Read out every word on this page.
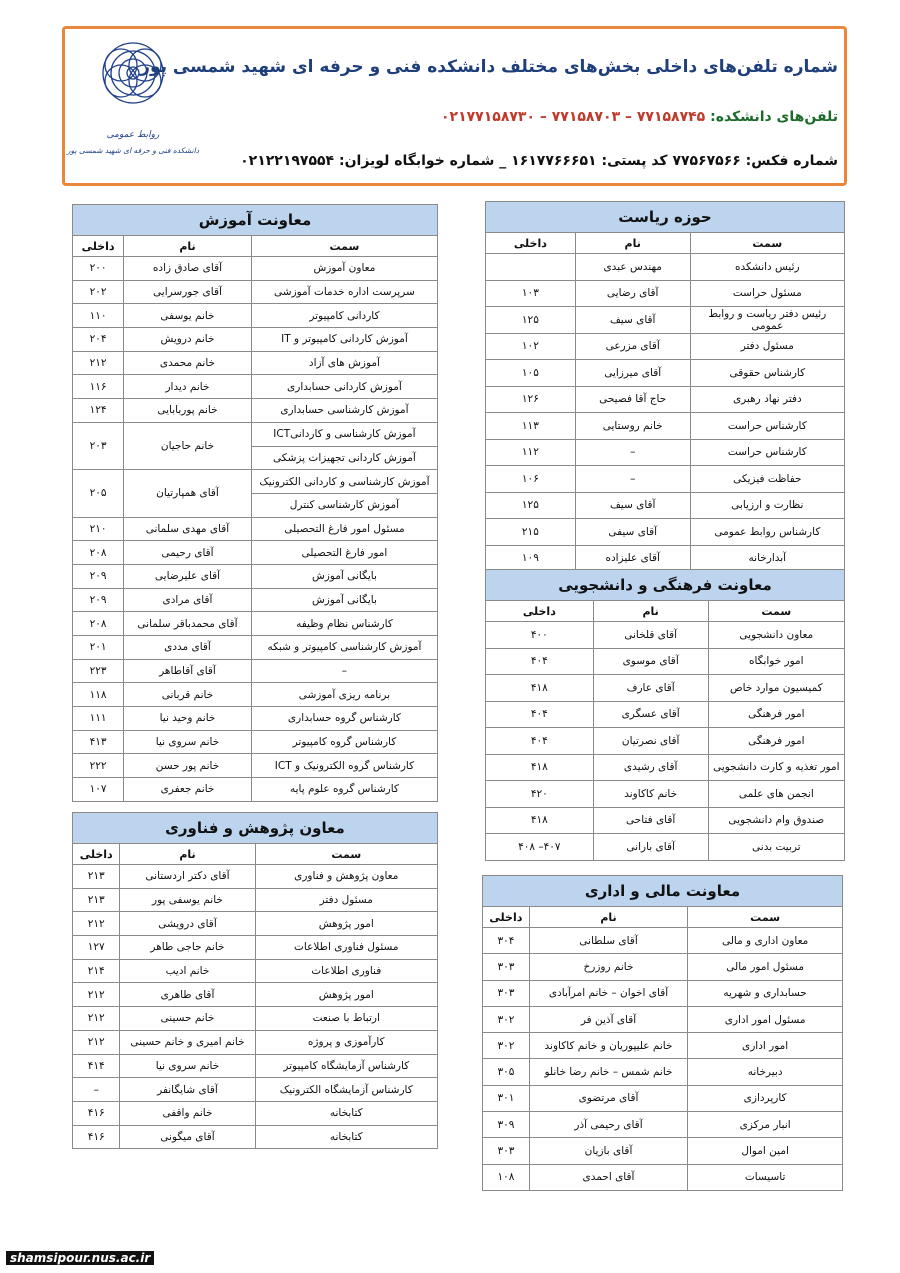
روابط عمومی
دانشکده فنی و حرفه ای شهید شمسی پور
شماره تلفن‌های داخلی بخش‌های مختلف دانشکده فنی و حرفه ای شهید شمسی پور
تلفن‌های دانشکده: ۷۷۱۵۸۷۴۵ – ۷۷۱۵۸۷۰۳ – ۰۲۱۷۷۱۵۸۷۳۰
شماره فکس: ۷۷۵۶۷۵۶۶ کد پستی: ۱۶۱۷۷۶۶۶۵۱ _ شماره خوابگاه لویزان: ۰۲۱۲۲۱۹۷۵۵۴
حوزه ریاست		
سمت	نام	داخلی
رئیس دانشکده	مهندس عبدی	
مسئول حراست	آقای رضایی	۱۰۳
رئیس دفتر ریاست و روابط عمومی	آقای سیف	۱۲۵
مسئول دفتر	آقای مزرعی	۱۰۲
کارشناس حقوقی	آقای میرزایی	۱۰۵
دفتر نهاد رهبری	حاج آقا فصیحی	۱۲۶
کارشناس حراست	خانم روستایی	۱۱۳
کارشناس حراست	–	۱۱۲
حفاظت فیزیکی	–	۱۰۶
نظارت و ارزیابی	آقای سیف	۱۲۵
کارشناس روابط عمومی	آقای سیفی	۲۱۵
آبدارخانه	آقای علیزاده	۱۰۹
معاونت فرهنگی و دانشجویی		
سمت	نام	داخلی
معاون دانشجویی	آقای قلخانی	۴۰۰
امور خوابگاه	آقای موسوی	۴۰۴
کمیسیون موارد خاص	آقای عارف	۴۱۸
امور فرهنگی	آقای عسگری	۴۰۴
امور فرهنگی	آقای نصرتیان	۴۰۴
امور تغذیه و کارت دانشجویی	آقای رشیدی	۴۱۸
انجمن های علمی	خانم کاکاوند	۴۲۰
صندوق وام دانشجویی	آقای فتاحی	۴۱۸
تربیت بدنی	آقای بارانی	۴۰۷– ۴۰۸
معاونت مالی و اداری		
سمت	نام	داخلی
معاون اداری و مالی	آقای سلطانی	۳۰۴
مسئول امور مالی	خانم روزرخ	۳۰۳
حسابداری و شهریه	آقای اخوان – خانم امرآبادی	۳۰۳
مسئول امور اداری	آقای آذین فر	۳۰۲
امور اداری	خانم علیپوریان و خانم کاکاوند	۳۰۲
دبیرخانه	خانم شمس – خانم رضا خانلو	۳۰۵
کارپردازی	آقای مرتضوی	۳۰۱
انبار مرکزی	آقای رحیمی آذر	۳۰۹
امین اموال	آقای بازیان	۳۰۳
تاسیسات	آقای احمدی	۱۰۸
معاونت آموزش		
سمت	نام	داخلی
معاون آموزش	آقای صادق زاده	۲۰۰
سرپرست اداره خدمات آموزشی	آقای جورسرایی	۲۰۲
کاردانی کامپیوتر	خانم یوسفی	۱۱۰
آموزش کاردانی کامپیوتر و IT	خانم درویش	۲۰۴
آموزش های آزاد	خانم محمدی	۲۱۲
آموزش کاردانی حسابداری	خانم دیدار	۱۱۶
آموزش کارشناسی حسابداری	خانم پوربابایی	۱۲۴
آموزش کارشناسی و کاردانیICT	خانم حاجیان	۲۰۳
آموزش کاردانی تجهیزات پزشکی		
آموزش کارشناسی و کاردانی الکترونیک	آقای همپارتیان	۲۰۵
آموزش کارشناسی کنترل		
مسئول امور فارغ التحصیلی	آقای مهدی سلمانی	۲۱۰
امور فارغ التحصیلی	آقای رحیمی	۲۰۸
بایگانی آموزش	آقای علیرضایی	۲۰۹
بایگانی آموزش	آقای مرادی	۲۰۹
کارشناس نظام وظیفه	آقای محمدباقر سلمانی	۲۰۸
آموزش کارشناسی کامپیوتر و شبکه	آقای مددی	۲۰۱
–	آقای آقاطاهر	۲۲۳
برنامه ریزی آموزشی	خانم قربانی	۱۱۸
کارشناس گروه حسابداری	خانم وحید نیا	۱۱۱
کارشناس گروه کامپیوتر	خانم سروی نیا	۴۱۳
کارشناس گروه الکترونیک و ICT	خانم پور حسن	۲۲۲
کارشناس گروه علوم پایه	خانم جعفری	۱۰۷
معاون پژوهش و فناوری		
سمت	نام	داخلی
معاون پژوهش و فناوری	آقای دکتر اردستانی	۲۱۳
مسئول دفتر	خانم یوسفی پور	۲۱۳
امور پژوهش	آقای درویشی	۲۱۲
مسئول فناوری اطلاعات	خانم حاجی طاهر	۱۲۷
فناوری اطلاعات	خانم ادیب	۲۱۴
امور پژوهش	آقای طاهری	۲۱۲
ارتباط با صنعت	خانم حسینی	۲۱۲
کارآموزی و پروژه	خانم امیری و خانم حسینی	۲۱۲
کارشناس آزمایشگاه کامپیوتر	خانم سروی نیا	۴۱۴
کارشناس آزمایشگاه الکترونیک	آقای شایگانفر	–
کتابخانه	خانم واقفی	۴۱۶
کتابخانه	آقای میگونی	۴۱۶
shamsipour.nus.ac.ir
